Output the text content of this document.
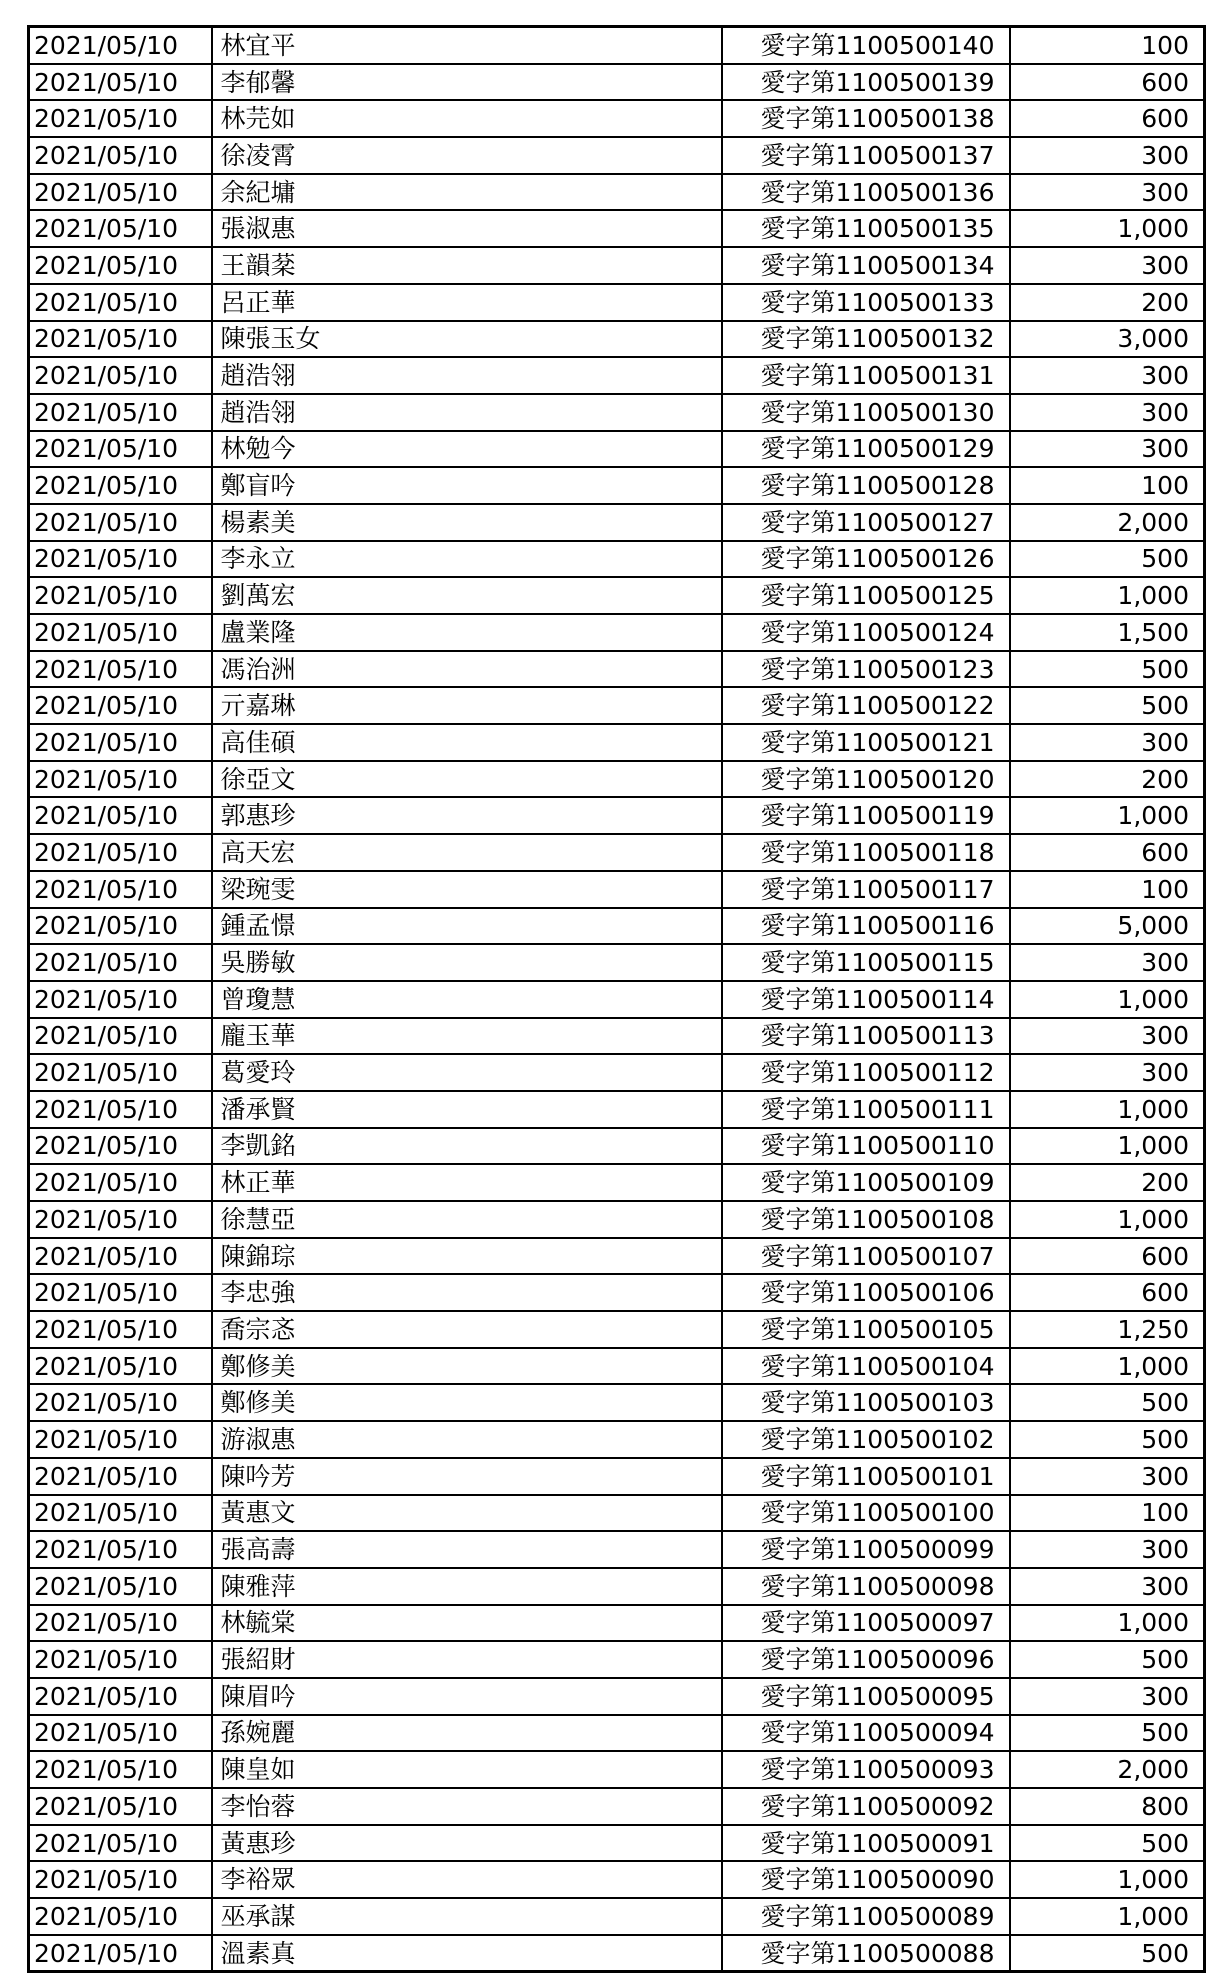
2021/05/10	林宜平	愛字第1100500140	100
2021/05/10	李郁馨	愛字第1100500139	600
2021/05/10	林芫如	愛字第1100500138	600
2021/05/10	徐凌霄	愛字第1100500137	300
2021/05/10	余紀墉	愛字第1100500136	300
2021/05/10	張淑惠	愛字第1100500135	1,000
2021/05/10	王韻棻	愛字第1100500134	300
2021/05/10	呂正華	愛字第1100500133	200
2021/05/10	陳張玉女	愛字第1100500132	3,000
2021/05/10	趙浩翎	愛字第1100500131	300
2021/05/10	趙浩翎	愛字第1100500130	300
2021/05/10	林勉今	愛字第1100500129	300
2021/05/10	鄭盲吟	愛字第1100500128	100
2021/05/10	楊素美	愛字第1100500127	2,000
2021/05/10	李永立	愛字第1100500126	500
2021/05/10	劉萬宏	愛字第1100500125	1,000
2021/05/10	盧業隆	愛字第1100500124	1,500
2021/05/10	馮治洲	愛字第1100500123	500
2021/05/10	亓嘉琳	愛字第1100500122	500
2021/05/10	高佳碩	愛字第1100500121	300
2021/05/10	徐亞文	愛字第1100500120	200
2021/05/10	郭惠珍	愛字第1100500119	1,000
2021/05/10	高天宏	愛字第1100500118	600
2021/05/10	梁琬雯	愛字第1100500117	100
2021/05/10	鍾孟憬	愛字第1100500116	5,000
2021/05/10	吳勝敏	愛字第1100500115	300
2021/05/10	曾瓊慧	愛字第1100500114	1,000
2021/05/10	龐玉華	愛字第1100500113	300
2021/05/10	葛愛玲	愛字第1100500112	300
2021/05/10	潘承賢	愛字第1100500111	1,000
2021/05/10	李凱銘	愛字第1100500110	1,000
2021/05/10	林正華	愛字第1100500109	200
2021/05/10	徐慧亞	愛字第1100500108	1,000
2021/05/10	陳錦琮	愛字第1100500107	600
2021/05/10	李忠強	愛字第1100500106	600
2021/05/10	喬宗忞	愛字第1100500105	1,250
2021/05/10	鄭修美	愛字第1100500104	1,000
2021/05/10	鄭修美	愛字第1100500103	500
2021/05/10	游淑惠	愛字第1100500102	500
2021/05/10	陳吟芳	愛字第1100500101	300
2021/05/10	黃惠文	愛字第1100500100	100
2021/05/10	張高壽	愛字第1100500099	300
2021/05/10	陳雅萍	愛字第1100500098	300
2021/05/10	林毓棠	愛字第1100500097	1,000
2021/05/10	張紹財	愛字第1100500096	500
2021/05/10	陳眉吟	愛字第1100500095	300
2021/05/10	孫婉麗	愛字第1100500094	500
2021/05/10	陳皇如	愛字第1100500093	2,000
2021/05/10	李怡蓉	愛字第1100500092	800
2021/05/10	黃惠珍	愛字第1100500091	500
2021/05/10	李裕眾	愛字第1100500090	1,000
2021/05/10	巫承謀	愛字第1100500089	1,000
2021/05/10	溫素真	愛字第1100500088	500
